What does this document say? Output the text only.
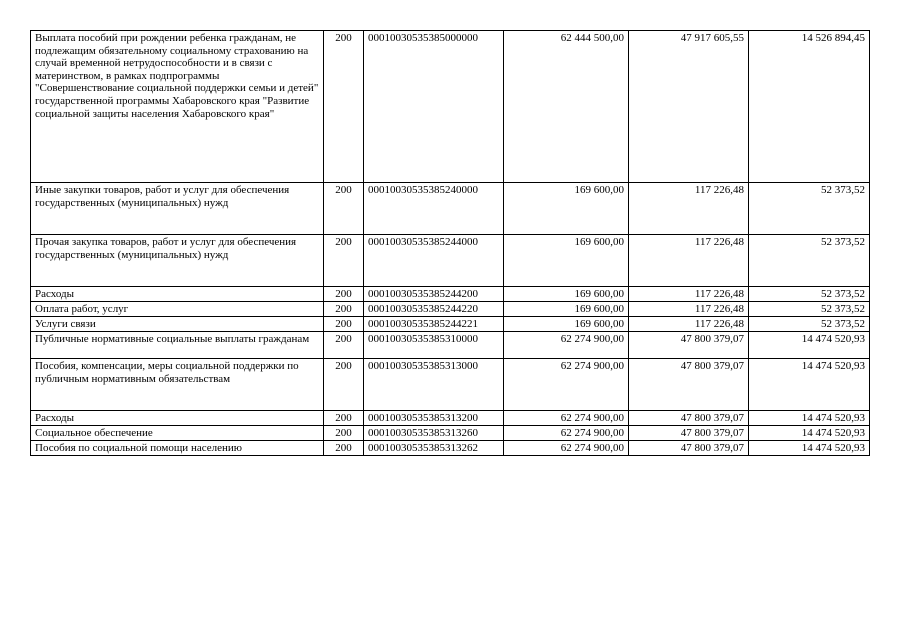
Выплата пособий при рождении ребенка гражданам, не подлежащим обязательному социальному страхованию на случай временной нетрудоспособности и в связи с материнством, в рамках подпрограммы "Совершенствование социальной поддержки семьи и детей" государственной программы Хабаровского края "Развитие социальной защиты населения Хабаровского края"	200	00010030535385000000	62 444 500,00	47 917 605,55	14 526 894,45
Иные закупки товаров, работ и услуг для обеспечения государственных (муниципальных) нужд	200	00010030535385240000	169 600,00	117 226,48	52 373,52
Прочая закупка товаров, работ и услуг для обеспечения государственных (муниципальных) нужд	200	00010030535385244000	169 600,00	117 226,48	52 373,52
Расходы	200	00010030535385244200	169 600,00	117 226,48	52 373,52
Оплата работ, услуг	200	00010030535385244220	169 600,00	117 226,48	52 373,52
Услуги связи	200	00010030535385244221	169 600,00	117 226,48	52 373,52
Публичные нормативные социальные выплаты гражданам	200	00010030535385310000	62 274 900,00	47 800 379,07	14 474 520,93
Пособия, компенсации, меры социальной поддержки по публичным нормативным обязательствам	200	00010030535385313000	62 274 900,00	47 800 379,07	14 474 520,93
Расходы	200	00010030535385313200	62 274 900,00	47 800 379,07	14 474 520,93
Социальное обеспечение	200	00010030535385313260	62 274 900,00	47 800 379,07	14 474 520,93
Пособия по социальной помощи населению	200	00010030535385313262	62 274 900,00	47 800 379,07	14 474 520,93
